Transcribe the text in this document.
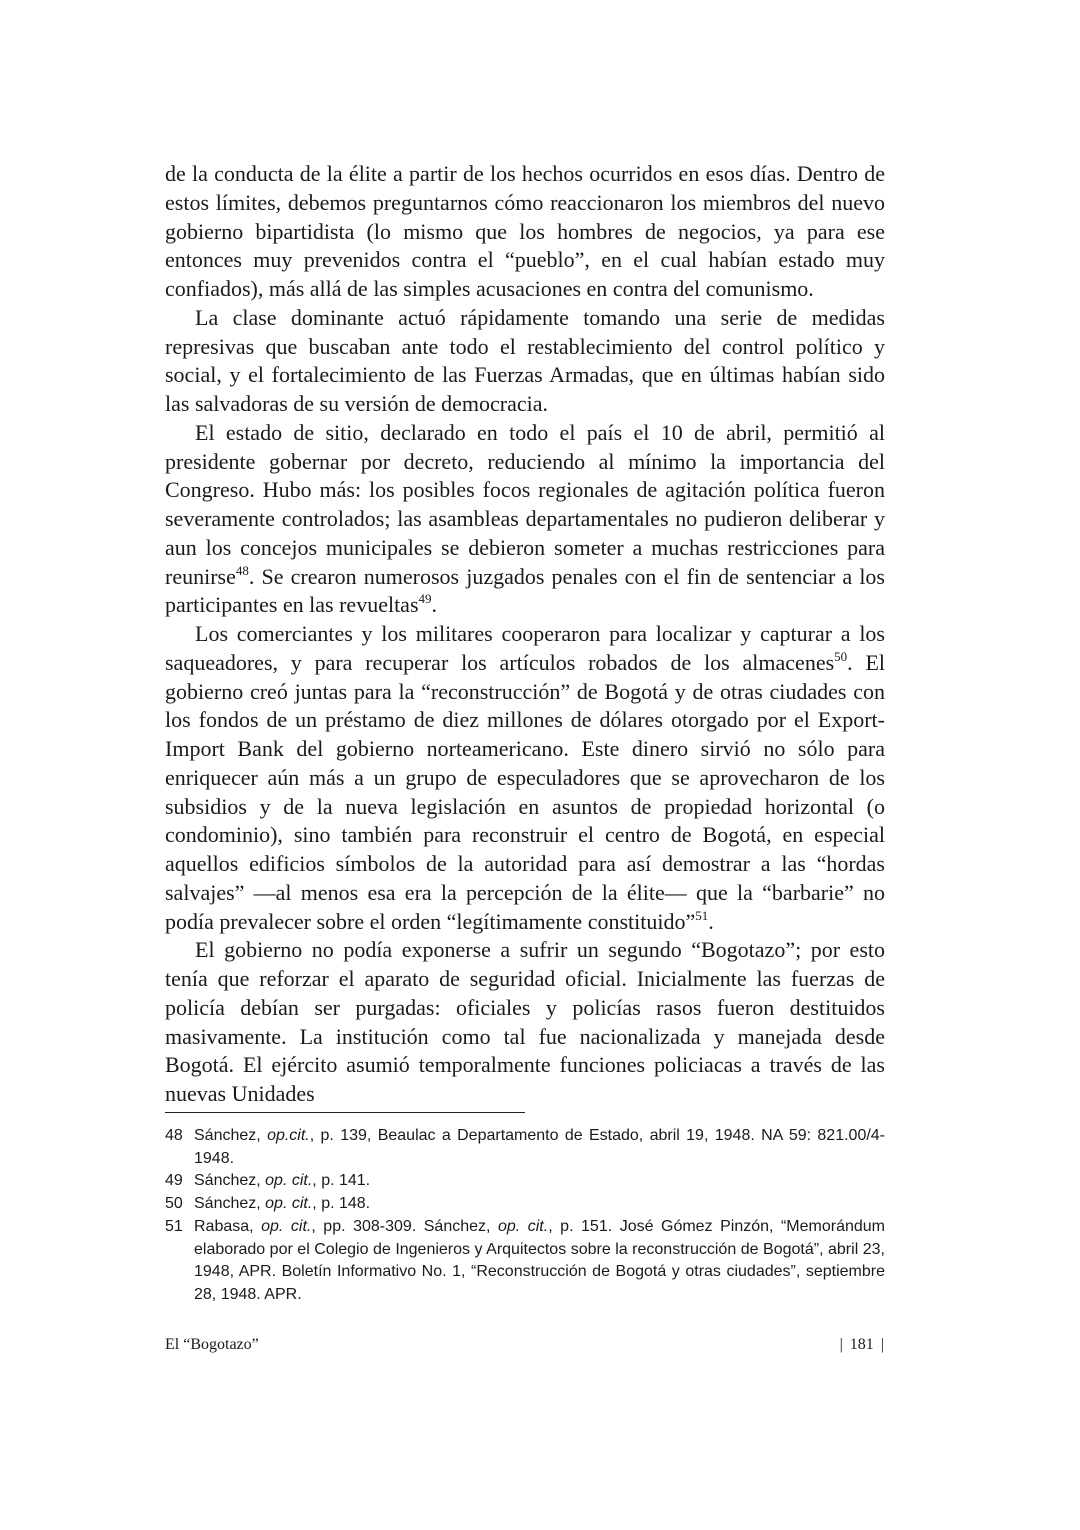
de la conducta de la élite a partir de los hechos ocurridos en esos días. Dentro de estos límites, debemos preguntarnos cómo reaccionaron los miembros del nuevo gobierno bipartidista (lo mismo que los hombres de negocios, ya para ese entonces muy prevenidos contra el “pueblo”, en el cual habían estado muy confiados), más allá de las simples acusaciones en contra del comunismo.

La clase dominante actuó rápidamente tomando una serie de medidas represivas que buscaban ante todo el restablecimiento del control político y social, y el fortalecimiento de las Fuerzas Armadas, que en últimas habían sido las salvadoras de su versión de democracia.

El estado de sitio, declarado en todo el país el 10 de abril, permitió al presidente gobernar por decreto, reduciendo al mínimo la importancia del Congreso. Hubo más: los posibles focos regionales de agitación política fueron severamente controlados; las asambleas departamentales no pudieron deliberar y aun los concejos municipales se debieron someter a muchas restricciones para reunirse$^{48}$. Se crearon numerosos juzgados penales con el fin de sentenciar a los participantes en las revueltas$^{49}$.

Los comerciantes y los militares cooperaron para localizar y capturar a los saqueadores, y para recuperar los artículos robados de los almacenes$^{50}$. El gobierno creó juntas para la “reconstrucción” de Bogotá y de otras ciudades con los fondos de un préstamo de diez millones de dólares otorgado por el Export-Import Bank del gobierno norteamericano. Este dinero sirvió no sólo para enriquecer aún más a un grupo de especuladores que se aprovecharon de los subsidios y de la nueva legislación en asuntos de propiedad horizontal (o condominio), sino también para reconstruir el centro de Bogotá, en especial aquellos edificios símbolos de la autoridad para así demostrar a las “hordas salvajes” —al menos esa era la percepción de la élite— que la “barbarie” no podía prevalecer sobre el orden “legítimamente constituido”$^{51}$.

El gobierno no podía exponerse a sufrir un segundo “Bogotazo”; por esto tenía que reforzar el aparato de seguridad oficial. Inicialmente las fuerzas de policía debían ser purgadas: oficiales y policías rasos fueron destituidos masivamente. La institución como tal fue nacionalizada y manejada desde Bogotá. El ejército asumió temporalmente funciones policiacas a través de las nuevas Unidades

48 Sánchez, op.cit., p. 139, Beaulac a Departamento de Estado, abril 19, 1948. NA 59: 821.00/4-1948.
49 Sánchez, op. cit., p. 141.
50 Sánchez, op. cit., p. 148.
51 Rabasa, op. cit., pp. 308-309. Sánchez, op. cit., p. 151. José Gómez Pinzón, “Memorándum elaborado por el Colegio de Ingenieros y Arquitectos sobre la reconstrucción de Bogotá”, abril 23, 1948, APR. Boletín Informativo No. 1, “Reconstrucción de Bogotá y otras ciudades”, septiembre 28, 1948. APR.
El “Bogotazo”	| 181 |
